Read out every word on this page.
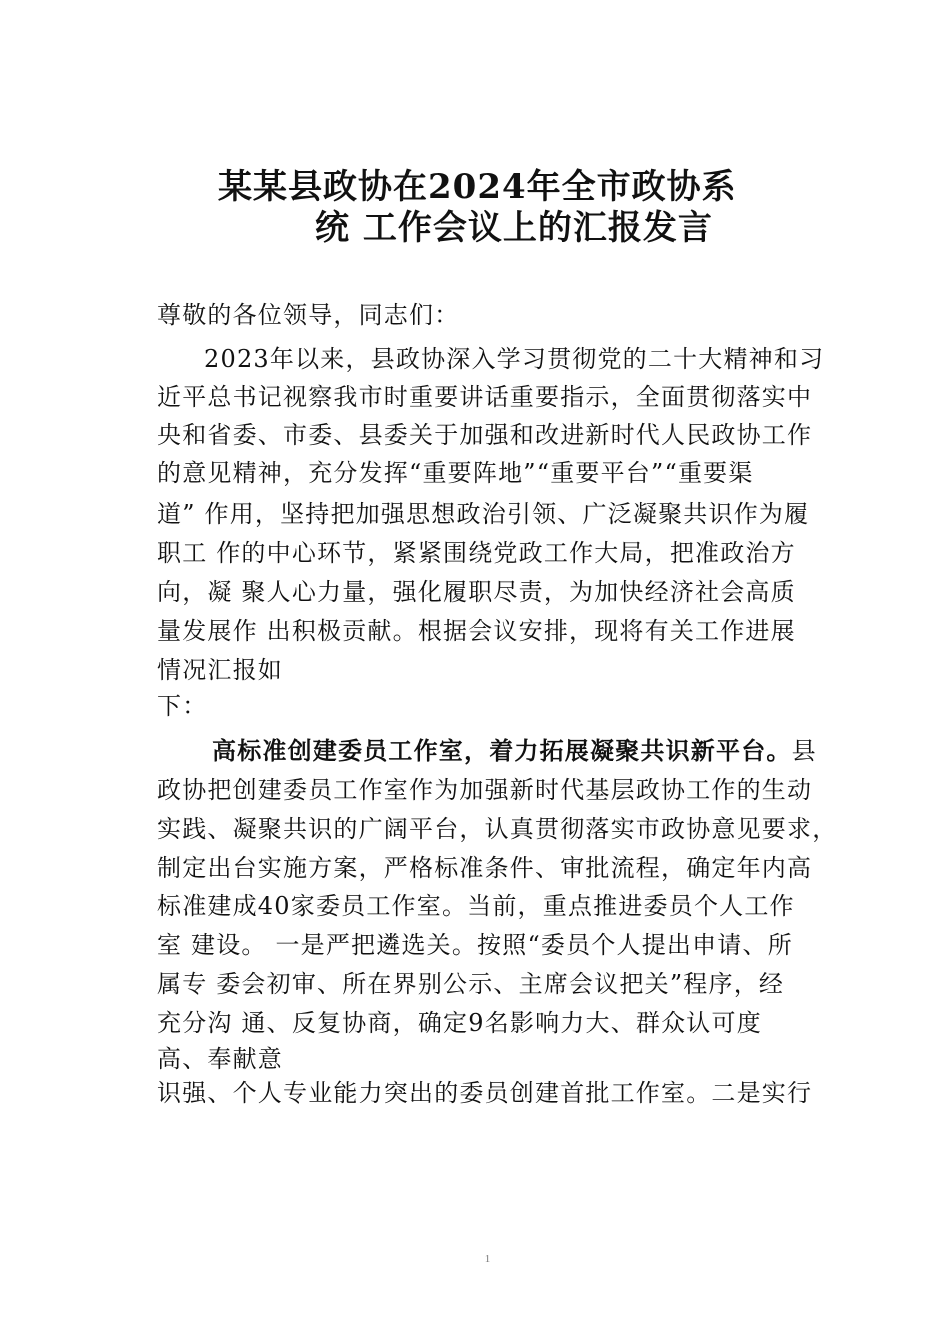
某某县政协在2024年全市政协系
统 工作会议上的汇报发言
尊敬的各位领导，同志们：
2023年以来，县政协深入学习贯彻党的二十大精神和习
近平总书记视察我市时重要讲话重要指示，全面贯彻落实中
央和省委、市委、县委关于加强和改进新时代人民政协工作
的意见精神，充分发挥“重要阵地”“重要平台”“重要渠
道” 作用，坚持把加强思想政治引领、广泛凝聚共识作为履
职工 作的中心环节，紧紧围绕党政工作大局，把准政治方
向，凝 聚人心力量，强化履职尽责，为加快经济社会高质
量发展作 出积极贡献。根据会议安排，现将有关工作进展
情况汇报如
下：
高标准创建委员工作室，着力拓展凝聚共识新平台。县
政协把创建委员工作室作为加强新时代基层政协工作的生动
实践、凝聚共识的广阔平台，认真贯彻落实市政协意见要求，
制定出台实施方案，严格标准条件、审批流程，确定年内高
标准建成40家委员工作室。当前，重点推进委员个人工作
室 建设。 一是严把遴选关。按照“委员个人提出申请、所
属专 委会初审、所在界别公示、主席会议把关”程序，经
充分沟 通、反复协商，确定9名影响力大、群众认可度
高、奉献意
识强、个人专业能力突出的委员创建首批工作室。二是实行
1
